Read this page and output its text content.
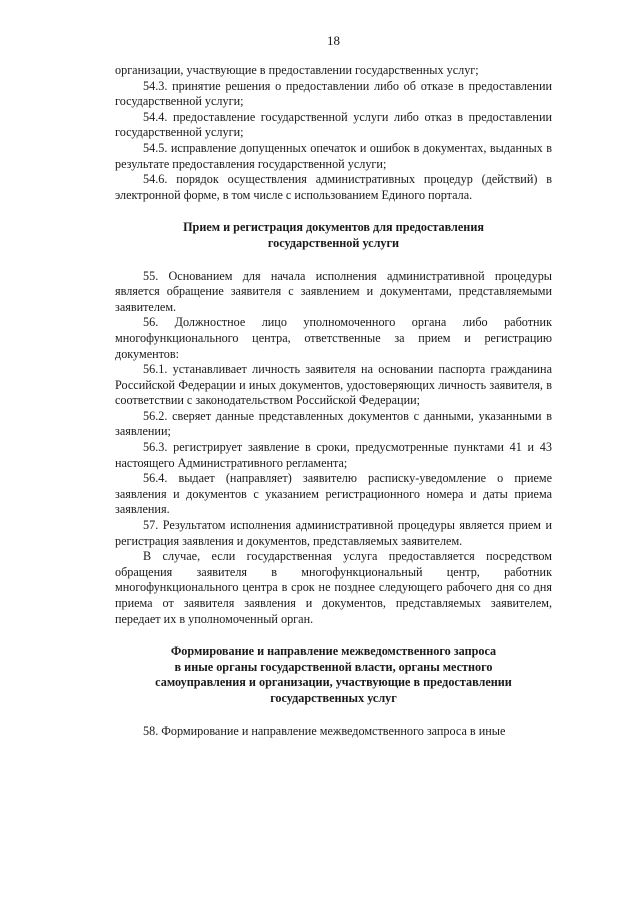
18

организации, участвующие в предоставлении государственных услуг;

54.3. принятие решения о предоставлении либо об отказе в предоставлении государственной услуги;

54.4. предоставление государственной услуги либо отказ в предоставлении государственной услуги;

54.5. исправление допущенных опечаток и ошибок в документах, выданных в результате предоставления государственной услуги;

54.6. порядок осуществления административных процедур (действий) в электронной форме, в том числе с использованием Единого портала.

Прием и регистрация документов для предоставления

государственной услуги

55. Основанием для начала исполнения административной процедуры является обращение заявителя с заявлением и документами, представляемыми заявителем.

56. Должностное лицо уполномоченного органа либо работник многофункционального центра, ответственные за прием и регистрацию документов:

56.1. устанавливает личность заявителя на основании паспорта гражданина Российской Федерации и иных документов, удостоверяющих личность заявителя, в соответствии с законодательством Российской Федерации;

56.2. сверяет данные представленных документов с данными, указанными в заявлении;

56.3. регистрирует заявление в сроки, предусмотренные пунктами 41 и 43 настоящего Административного регламента;

56.4. выдает (направляет) заявителю расписку-уведомление о приеме заявления и документов с указанием регистрационного номера и даты приема заявления.

57. Результатом исполнения административной процедуры является прием и регистрация заявления и документов, представляемых заявителем.

В случае, если государственная услуга предоставляется посредством обращения заявителя в многофункциональный центр, работник многофункционального центра в срок не позднее следующего рабочего дня со дня приема от заявителя заявления и документов, представляемых заявителем, передает их в уполномоченный орган.

Формирование и направление межведомственного запроса

в иные органы государственной власти, органы местного

самоуправления и организации, участвующие в предоставлении

государственных услуг

58. Формирование и направление межведомственного запроса в иные
